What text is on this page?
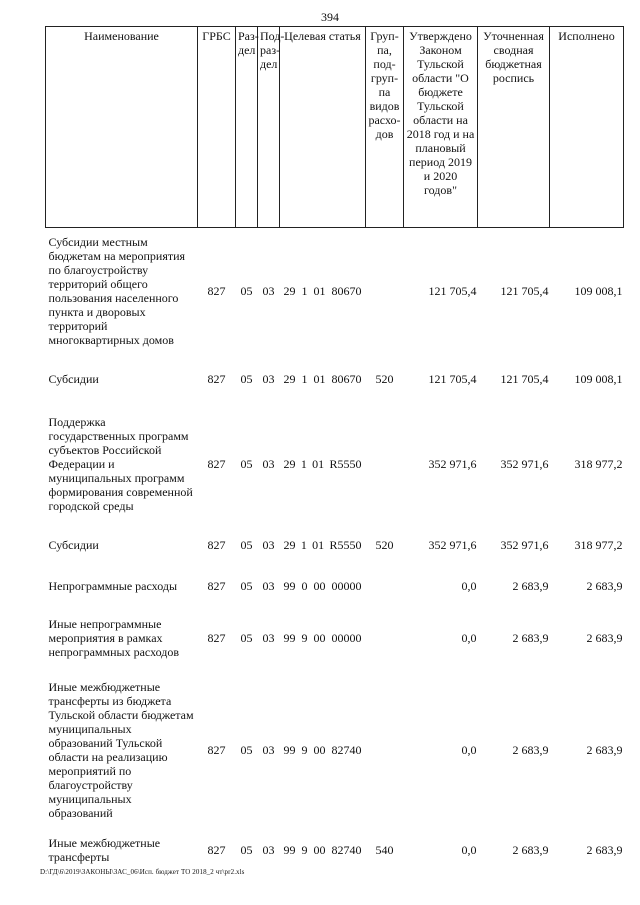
394
Наименование	ГРБС	Раз-дел	Под-раз-дел	Целевая статья	Груп-па, под-груп-па видов расхо-дов	Утверждено Законом Тульской области "О бюджете Тульской области на 2018 год и на плановый период 2019 и 2020 годов"	Уточненная сводная бюджетная роспись	Исполнено
Субсидии местным бюджетам на мероприятия по благоустройству территорий общего пользования населенного пункта и дворовых территорий многоквартирных домов	827	05	03	29 1 01 80670		121 705,4	121 705,4	109 008,1
Субсидии	827	05	03	29 1 01 80670	520	121 705,4	121 705,4	109 008,1
Поддержка государственных программ субъектов Российской Федерации и муниципальных программ формирования современной городской среды	827	05	03	29 1 01 R5550		352 971,6	352 971,6	318 977,2
Субсидии	827	05	03	29 1 01 R5550	520	352 971,6	352 971,6	318 977,2
Непрограммные расходы	827	05	03	99 0 00 00000		0,0	2 683,9	2 683,9
Иные непрограммные мероприятия в рамках непрограммных расходов	827	05	03	99 9 00 00000		0,0	2 683,9	2 683,9
Иные межбюджетные трансферты из бюджета Тульской области бюджетам муниципальных образований Тульской области на реализацию мероприятий по благоустройству муниципальных образований	827	05	03	99 9 00 82740		0,0	2 683,9	2 683,9
Иные межбюджетные трансферты	827	05	03	99 9 00 82740	540	0,0	2 683,9	2 683,9
D:\ГД\6\2019\ЗАКОНЫ\ЗАС_06\Исп. бюджет ТО 2018_2 чт\pr2.xls
